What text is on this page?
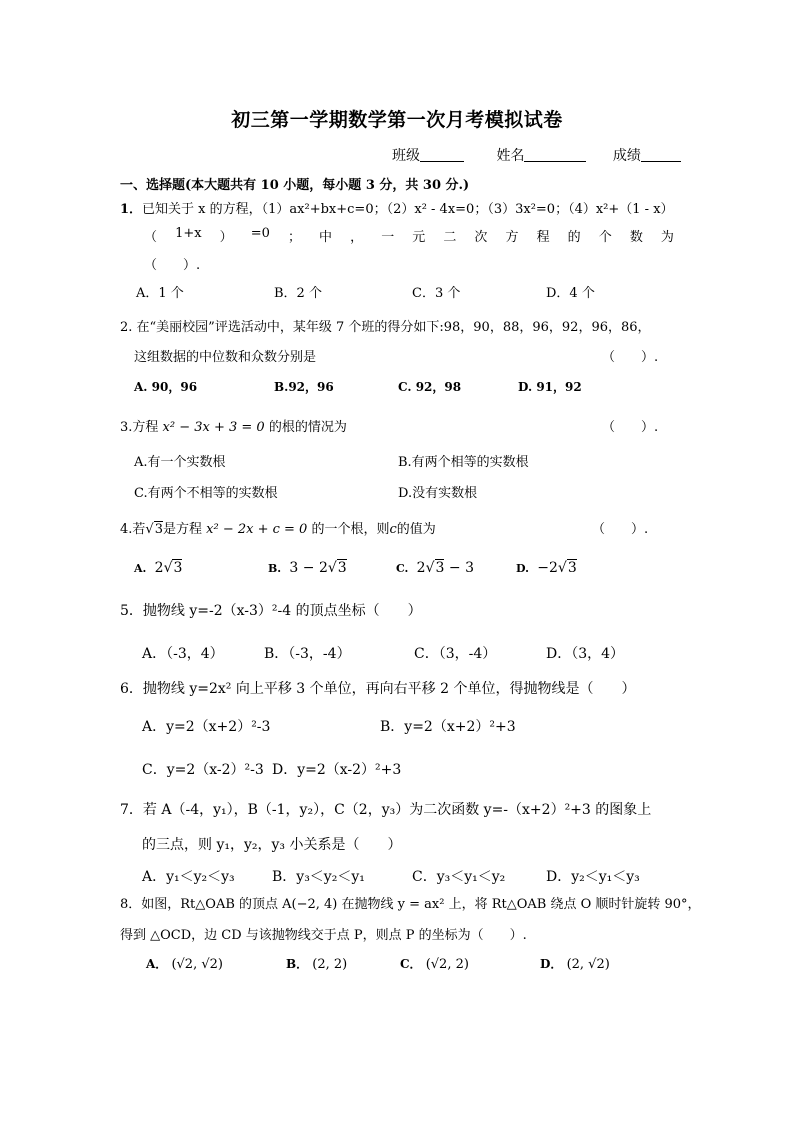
初三第一学期数学第一次月考模拟试卷
班级	姓名	成绩
一、选择题(本大题共有 10 小题，每小题 3 分，共 30 分.)
1．已知关于 x 的方程，（1）ax²+bx+c=0；（2）x² - 4x=0；（3）3x²=0；（4）x²+（1 - x）
（ 1+x ） =0 ； 中 ， 一 元 二 次 方 程 的 个 数 为
（　　）.
A．1 个	B．2 个	C．3 个	D．4 个
2. 在“美丽校园”评选活动中，某年级 7 个班的得分如下:98，90，88，96，92，96，86，
这组数据的中位数和众数分别是	（　　）.
A. 90，96	B.92，96	C. 92，98	D. 91，92
3.方程 x² − 3x + 3 = 0 的根的情况为	（　　）.
A.有一个实数根	B.有两个相等的实数根
C.有两个不相等的实数根	D.没有实数根
4.若√3是方程 x² − 2x + c = 0 的一个根，则c的值为	（　　）.
A. 2√3	B. 3 − 2√3	C. 2√3 − 3	D. −2√3
5．抛物线 y=-2（x-3）²-4 的顶点坐标（　　）
A．（-3，4）	B．（-3，-4）	C．（3，-4）	D．（3，4）
6．抛物线 y=2x² 向上平移 3 个单位，再向右平移 2 个单位，得抛物线是（　　）
A．y=2（x+2）²-3	B．y=2（x+2）²+3
C．y=2（x-2）²-3 D．y=2（x-2）²+3
7．若 A（-4，y₁），B（-1，y₂），C（2，y₃）为二次函数 y=-（x+2）²+3 的图象上
的三点，则 y₁，y₂，y₃ 小关系是（　　）
A．y₁＜y₂＜y₃	B．y₃＜y₂＜y₁	C．y₃＜y₁＜y₂	D．y₂＜y₁＜y₃
8．如图，Rt△OAB 的顶点 A(−2, 4) 在抛物线 y = ax² 上，将 Rt△OAB 绕点 O 顺时针旋转 90°，
得到 △OCD，边 CD 与该抛物线交于点 P，则点 P 的坐标为（　　）.
A． (√2, √2)	B． (2, 2)	C． (√2, 2)	D． (2, √2)
